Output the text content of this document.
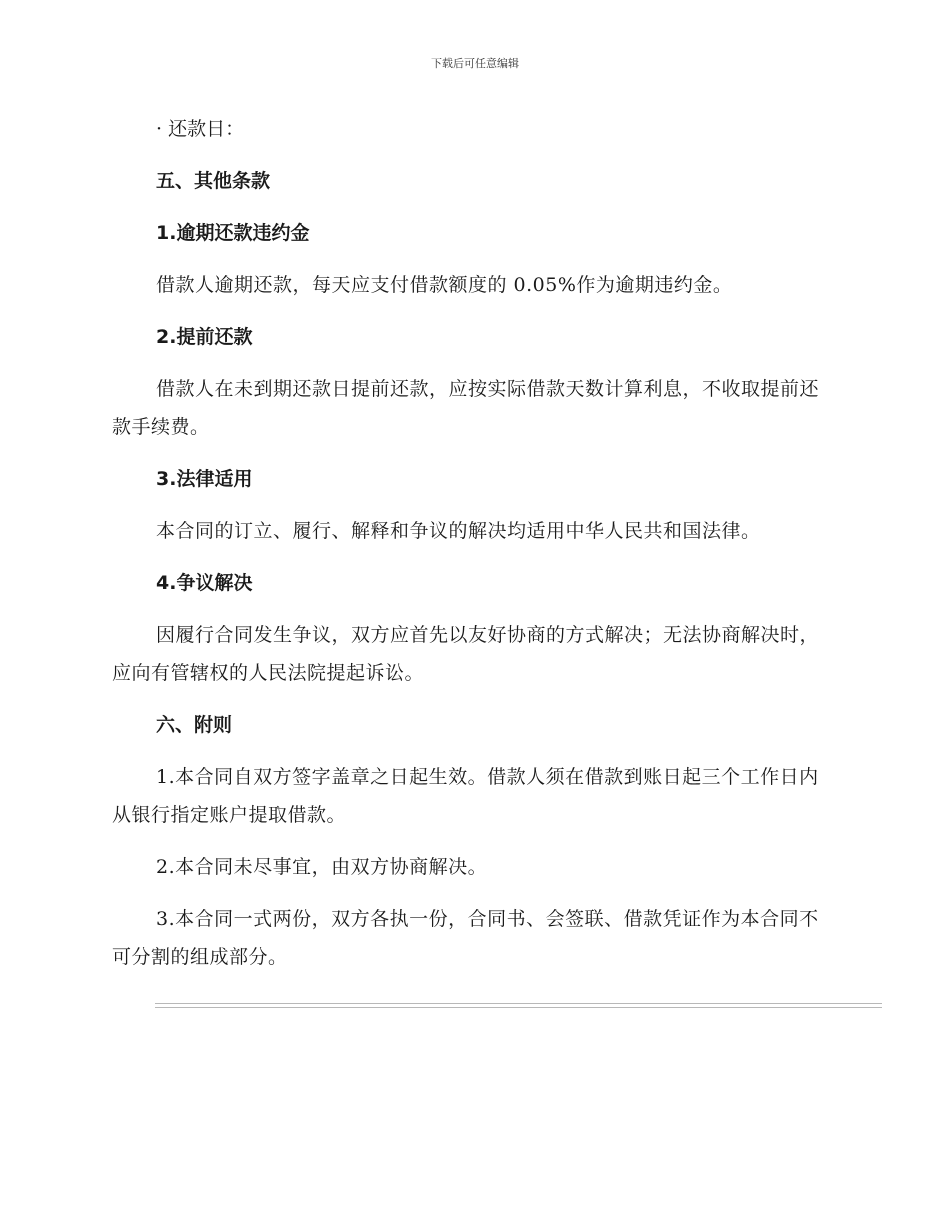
下载后可任意编辑

· 还款日：

五、其他条款

1.逾期还款违约金

借款人逾期还款，每天应支付借款额度的 0.05%作为逾期违约金。

2.提前还款

借款人在未到期还款日提前还款，应按实际借款天数计算利息，不收取提前还款手续费。

3.法律适用

本合同的订立、履行、解释和争议的解决均适用中华人民共和国法律。

4.争议解决

因履行合同发生争议，双方应首先以友好协商的方式解决；无法协商解决时，应向有管辖权的人民法院提起诉讼。

六、附则

1.本合同自双方签字盖章之日起生效。借款人须在借款到账日起三个工作日内从银行指定账户提取借款。

2.本合同未尽事宜，由双方协商解决。

3.本合同一式两份，双方各执一份，合同书、会签联、借款凭证作为本合同不可分割的组成部分。
